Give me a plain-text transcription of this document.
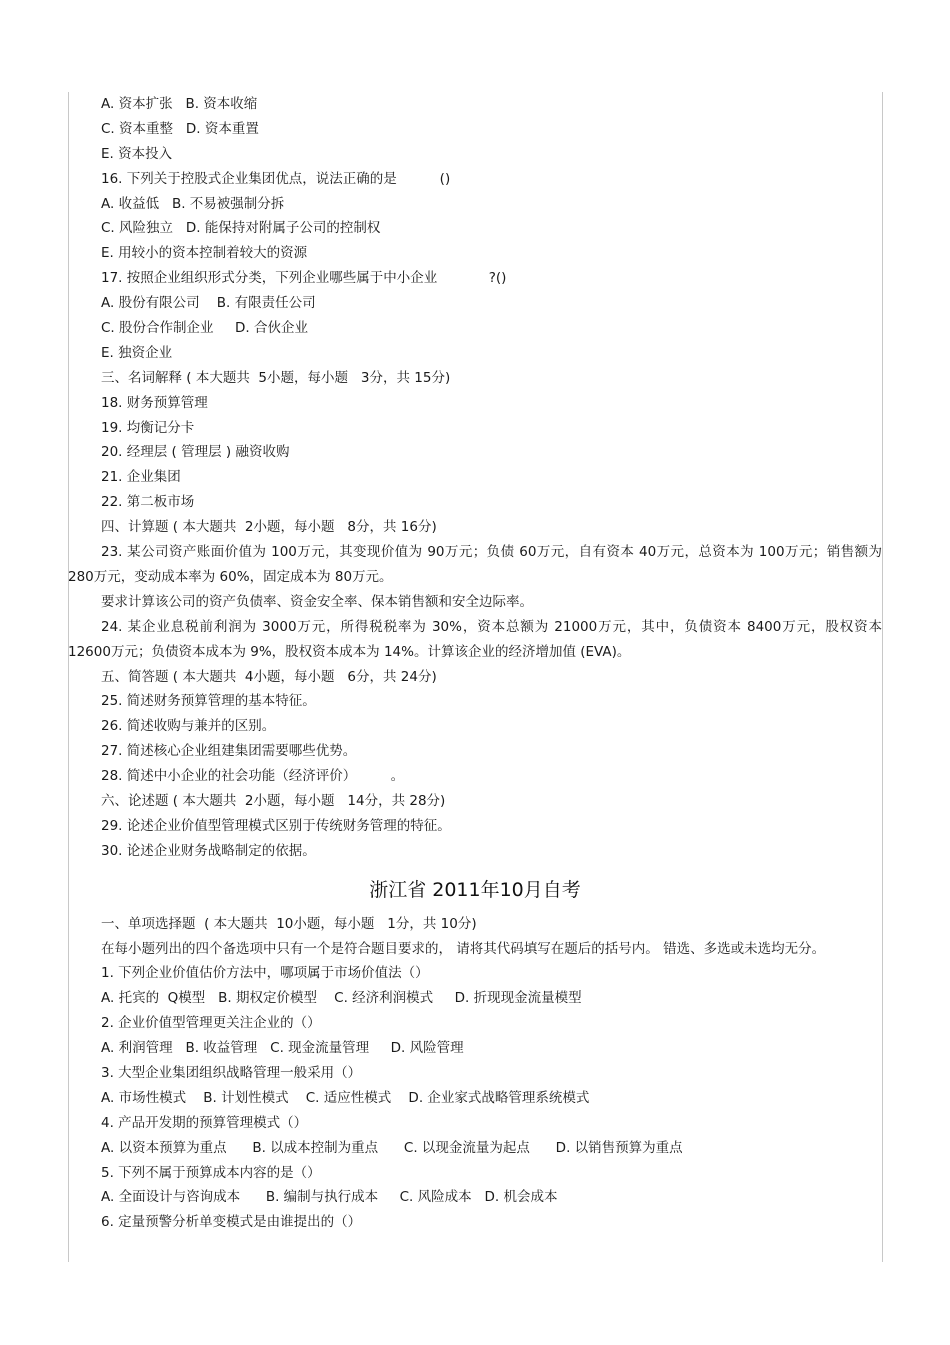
A. 资本扩张   B. 资本收缩
C. 资本重整   D. 资本重置
E. 资本投入
16. 下列关于控股式企业集团优点，说法正确的是          ()
A. 收益低   B. 不易被强制分拆
C. 风险独立   D. 能保持对附属子公司的控制权
E. 用较小的资本控制着较大的资源
17. 按照企业组织形式分类，下列企业哪些属于中小企业            ?()
A. 股份有限公司    B. 有限责任公司
C. 股份合作制企业     D. 合伙企业
E. 独资企业
三、名词解释 ( 本大题共  5小题，每小题   3分，共 15分)
18. 财务预算管理
19. 均衡记分卡
20. 经理层 ( 管理层 ) 融资收购
21. 企业集团
22. 第二板市场
四、计算题 ( 本大题共  2小题，每小题   8分，共 16分)
23. 某公司资产账面价值为 100万元，其变现价值为 90万元；负债 60万元，自有资本 40万元，总资本为 100万元；销售额为 280万元，变动成本率为 60%，固定成本为 80万元。
要求计算该公司的资产负债率、资金安全率、保本销售额和安全边际率。
24. 某企业息税前利润为 3000万元，所得税税率为 30%，资本总额为 21000万元，其中，负债资本 8400万元，股权资本 12600万元；负债资本成本为 9%，股权资本成本为 14%。计算该企业的经济增加值 (EVA)。
五、简答题 ( 本大题共  4小题，每小题   6分，共 24分)
25. 简述财务预算管理的基本特征。
26. 简述收购与兼并的区别。
27. 简述核心企业组建集团需要哪些优势。
28. 简述中小企业的社会功能（经济评价）        。
六、论述题 ( 本大题共  2小题，每小题   14分，共 28分)
29. 论述企业价值型管理模式区别于传统财务管理的特征。
30. 论述企业财务战略制定的依据。
浙江省 2011年10月自考
一、单项选择题  ( 本大题共  10小题，每小题   1分，共 10分)
在每小题列出的四个备选项中只有一个是符合题目要求的， 请将其代码填写在题后的括号内。 错选、多选或未选均无分。
1. 下列企业价值估价方法中，哪项属于市场价值法（）
A. 托宾的  Q模型   B. 期权定价模型    C. 经济利润模式     D. 折现现金流量模型
2. 企业价值型管理更关注企业的（）
A. 利润管理   B. 收益管理   C. 现金流量管理     D. 风险管理
3. 大型企业集团组织战略管理一般采用（）
A. 市场性模式    B. 计划性模式    C. 适应性模式    D. 企业家式战略管理系统模式
4. 产品开发期的预算管理模式（）
A. 以资本预算为重点      B. 以成本控制为重点      C. 以现金流量为起点      D. 以销售预算为重点
5. 下列不属于预算成本内容的是（）
A. 全面设计与咨询成本      B. 编制与执行成本     C. 风险成本   D. 机会成本
6. 定量预警分析单变模式是由谁提出的（）
